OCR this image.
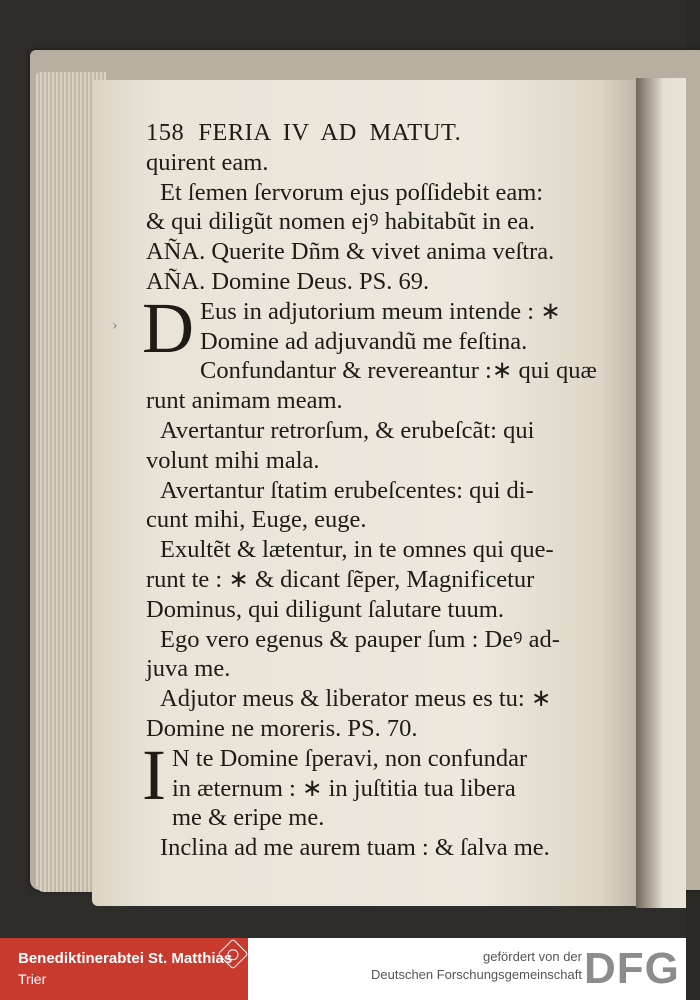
›
158 FERIA IV AD MATUT.
quirent eam.
Et ſemen ſervorum ejus poſſidebit eam:
& qui diligũt nomen ejꝰ habitabũt in ea.
AÑA. Querite Dñm & vivet anima veſtra.
AÑA. Domine Deus. PS. 69.
D Eus in adjutorium meum intende : ∗
Domine ad adjuvandũ me feſtina.
Confundantur & revereantur :∗ qui quæ
runt animam meam.
Avertantur retrorſum, & erubeſcãt: qui
volunt mihi mala.
Avertantur ſtatim erubeſcentes: qui di-
cunt mihi, Euge, euge.
Exultẽt & lætentur, in te omnes qui que-
runt te : ∗ & dicant ſẽper, Magnificetur
Dominus, qui diligunt ſalutare tuum.
Ego vero egenus & pauper ſum : Deꝰ ad-
juva me.
Adjutor meus & liberator meus es tu: ∗
Domine ne moreris. PS. 70.
I N te Domine ſperavi, non confundar
in æternum : ∗ in juſtitia tua libera
me & eripe me.
Inclina ad me aurem tuam : & ſalva me.
Benediktinerabtei St. Matthias
Trier
gefördert von der
Deutschen Forschungsgemeinschaft DFG
